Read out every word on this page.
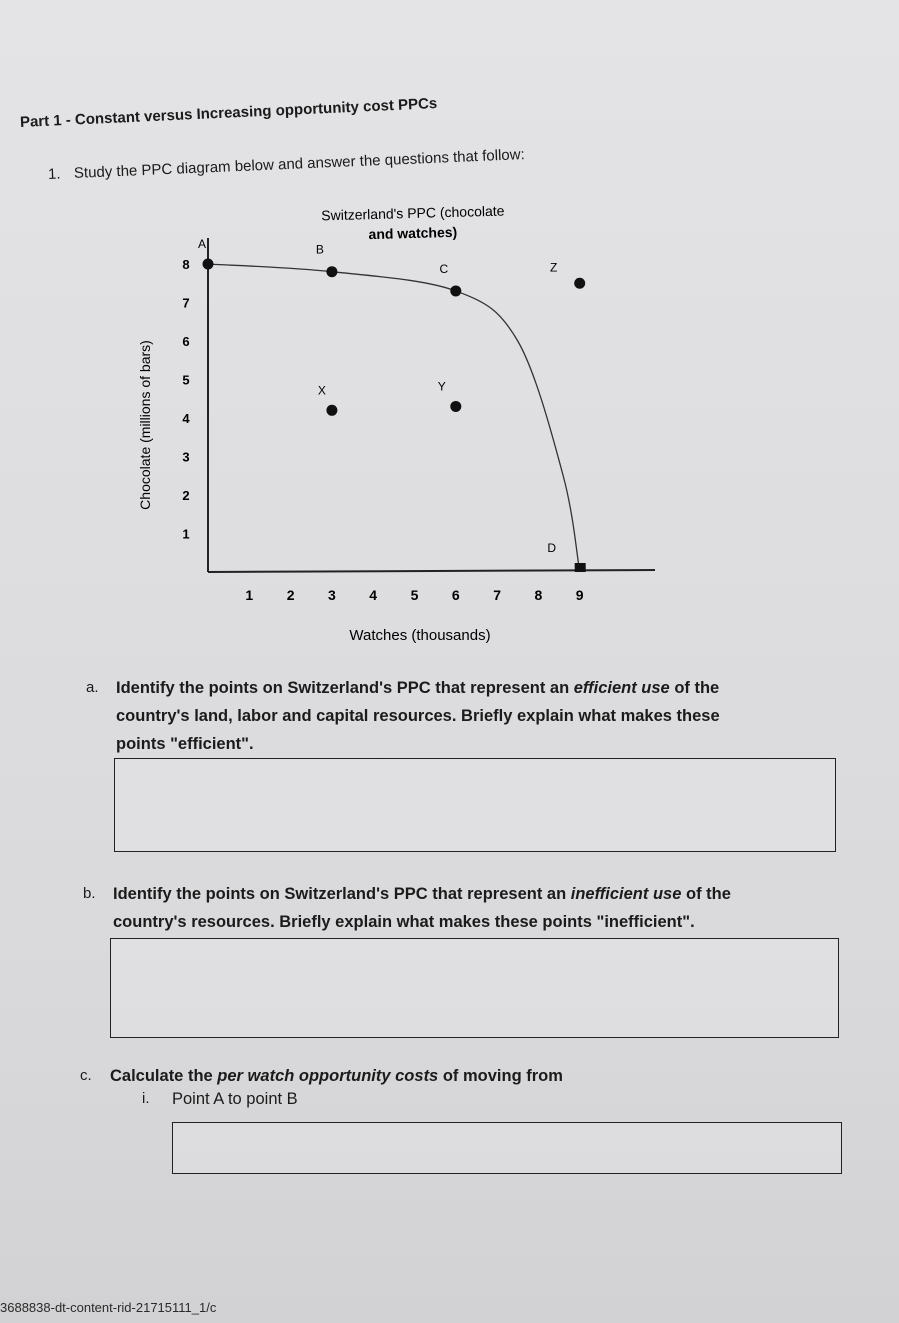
Part 1 - Constant versus Increasing opportunity cost PPCs
1. Study the PPC diagram below and answer the questions that follow:
Switzerland's PPC (chocolate
and watches)
Watches (thousands)
Chocolate (millions of bars)
1 2 3 4 5 6 7 8 9
1
2
3
4
5
6
7
8
A	B
C	Z
X	Y
D
a. Identify the points on Switzerland's PPC that represent an efficient use of the
country's land, labor and capital resources. Briefly explain what makes these
points "efficient".
b. Identify the points on Switzerland's PPC that represent an inefficient use of the
country's resources. Briefly explain what makes these points "inefficient".
c. Calculate the per watch opportunity costs of moving from
i. Point A to point B
3688838-dt-content-rid-21715111_1/c
